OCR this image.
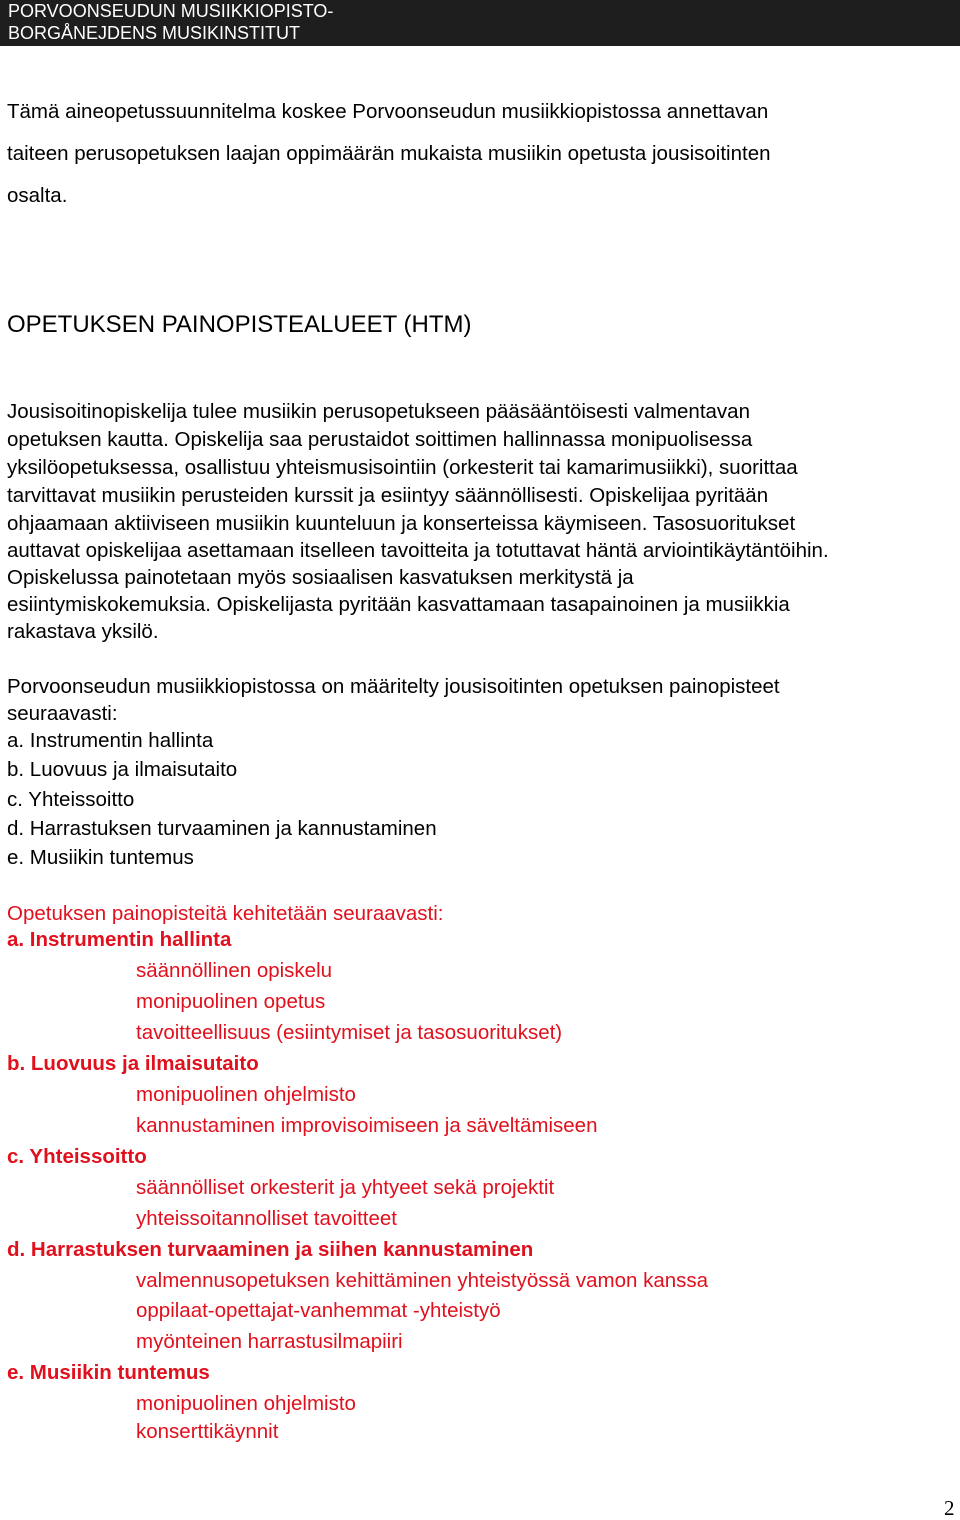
PORVOONSEUDUN MUSIIKKIOPISTO-
BORGÅNEJDENS MUSIKINSTITUT
Tämä aineopetussuunnitelma koskee Porvoonseudun musiikkiopistossa annettavan
taiteen perusopetuksen laajan oppimäärän mukaista musiikin opetusta jousisoitinten
osalta.
OPETUKSEN PAINOPISTEALUEET (HTM)
Jousisoitinopiskelija tulee musiikin perusopetukseen pääsääntöisesti valmentavan
opetuksen kautta. Opiskelija saa perustaidot soittimen hallinnassa monipuolisessa
yksilöopetuksessa, osallistuu yhteismusisointiin (orkesterit tai kamarimusiikki), suorittaa
tarvittavat musiikin perusteiden kurssit ja esiintyy säännöllisesti. Opiskelijaa pyritään
ohjaamaan aktiiviseen musiikin kuunteluun ja konserteissa käymiseen. Tasosuoritukset
auttavat opiskelijaa asettamaan itselleen tavoitteita ja totuttavat häntä arviointikäytäntöihin.
Opiskelussa painotetaan myös sosiaalisen kasvatuksen merkitystä ja
esiintymiskokemuksia. Opiskelijasta pyritään kasvattamaan tasapainoinen ja musiikkia
rakastava yksilö.
Porvoonseudun musiikkiopistossa on määritelty jousisoitinten opetuksen painopisteet
seuraavasti:
a. Instrumentin hallinta
b. Luovuus ja ilmaisutaito
c. Yhteissoitto
d. Harrastuksen turvaaminen ja kannustaminen
e. Musiikin tuntemus
Opetuksen painopisteitä kehitetään seuraavasti:
a. Instrumentin hallinta
säännöllinen opiskelu
monipuolinen opetus
tavoitteellisuus (esiintymiset ja tasosuoritukset)
b. Luovuus ja ilmaisutaito
monipuolinen ohjelmisto
kannustaminen improvisoimiseen ja säveltämiseen
c. Yhteissoitto
säännölliset orkesterit ja yhtyeet sekä projektit
yhteissoitannolliset tavoitteet
d. Harrastuksen turvaaminen ja siihen kannustaminen
valmennusopetuksen kehittäminen yhteistyössä vamon kanssa
oppilaat-opettajat-vanhemmat -yhteistyö
myönteinen harrastusilmapiiri
e. Musiikin tuntemus
monipuolinen ohjelmisto
konserttikäynnit
2
